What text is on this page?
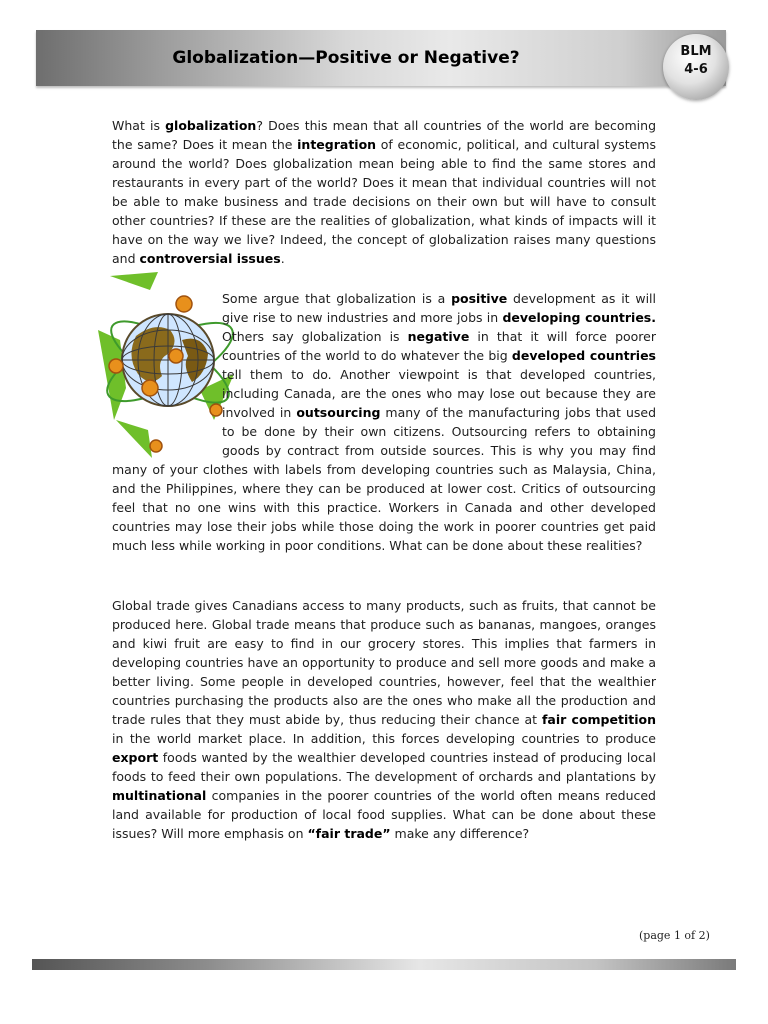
Globalization—Positive or Negative?	BLM
4-6

What is globalization? Does this mean that all countries of the world are becoming the same? Does it mean the integration of economic, political, and cultural systems around the world? Does globalization mean being able to find the same stores and restaurants in every part of the world? Does it mean that individual countries will not be able to make business and trade decisions on their own but will have to consult other countries? If these are the realities of globalization, what kinds of impacts will it have on the way we live? Indeed, the concept of globalization raises many questions and controversial issues.

Some argue that globalization is a positive development as it will give rise to new industries and more jobs in developing countries. Others say globalization is negative in that it will force poorer countries of the world to do whatever the big developed countries tell them to do. Another viewpoint is that developed countries, including Canada, are the ones who may lose out because they are involved in outsourcing many of the manufacturing jobs that used to be done by their own citizens. Outsourcing refers to obtaining goods by contract from outside sources. This is why you may find many of your clothes with labels from developing countries such as Malaysia, China, and the Philippines, where they can be produced at lower cost. Critics of outsourcing feel that no one wins with this practice. Workers in Canada and other developed countries may lose their jobs while those doing the work in poorer countries get paid much less while working in poor conditions. What can be done about these realities?

Global trade gives Canadians access to many products, such as fruits, that cannot be produced here. Global trade means that produce such as bananas, mangoes, oranges and kiwi fruit are easy to find in our grocery stores. This implies that farmers in developing countries have an opportunity to produce and sell more goods and make a better living. Some people in developed countries, however, feel that the wealthier countries purchasing the products also are the ones who make all the production and trade rules that they must abide by, thus reducing their chance at fair competition in the world market place. In addition, this forces developing countries to produce export foods wanted by the wealthier developed countries instead of producing local foods to feed their own populations. The development of orchards and plantations by multinational companies in the poorer countries of the world often means reduced land available for production of local food supplies. What can be done about these issues? Will more emphasis on “fair trade” make any difference?

(page 1 of 2)
